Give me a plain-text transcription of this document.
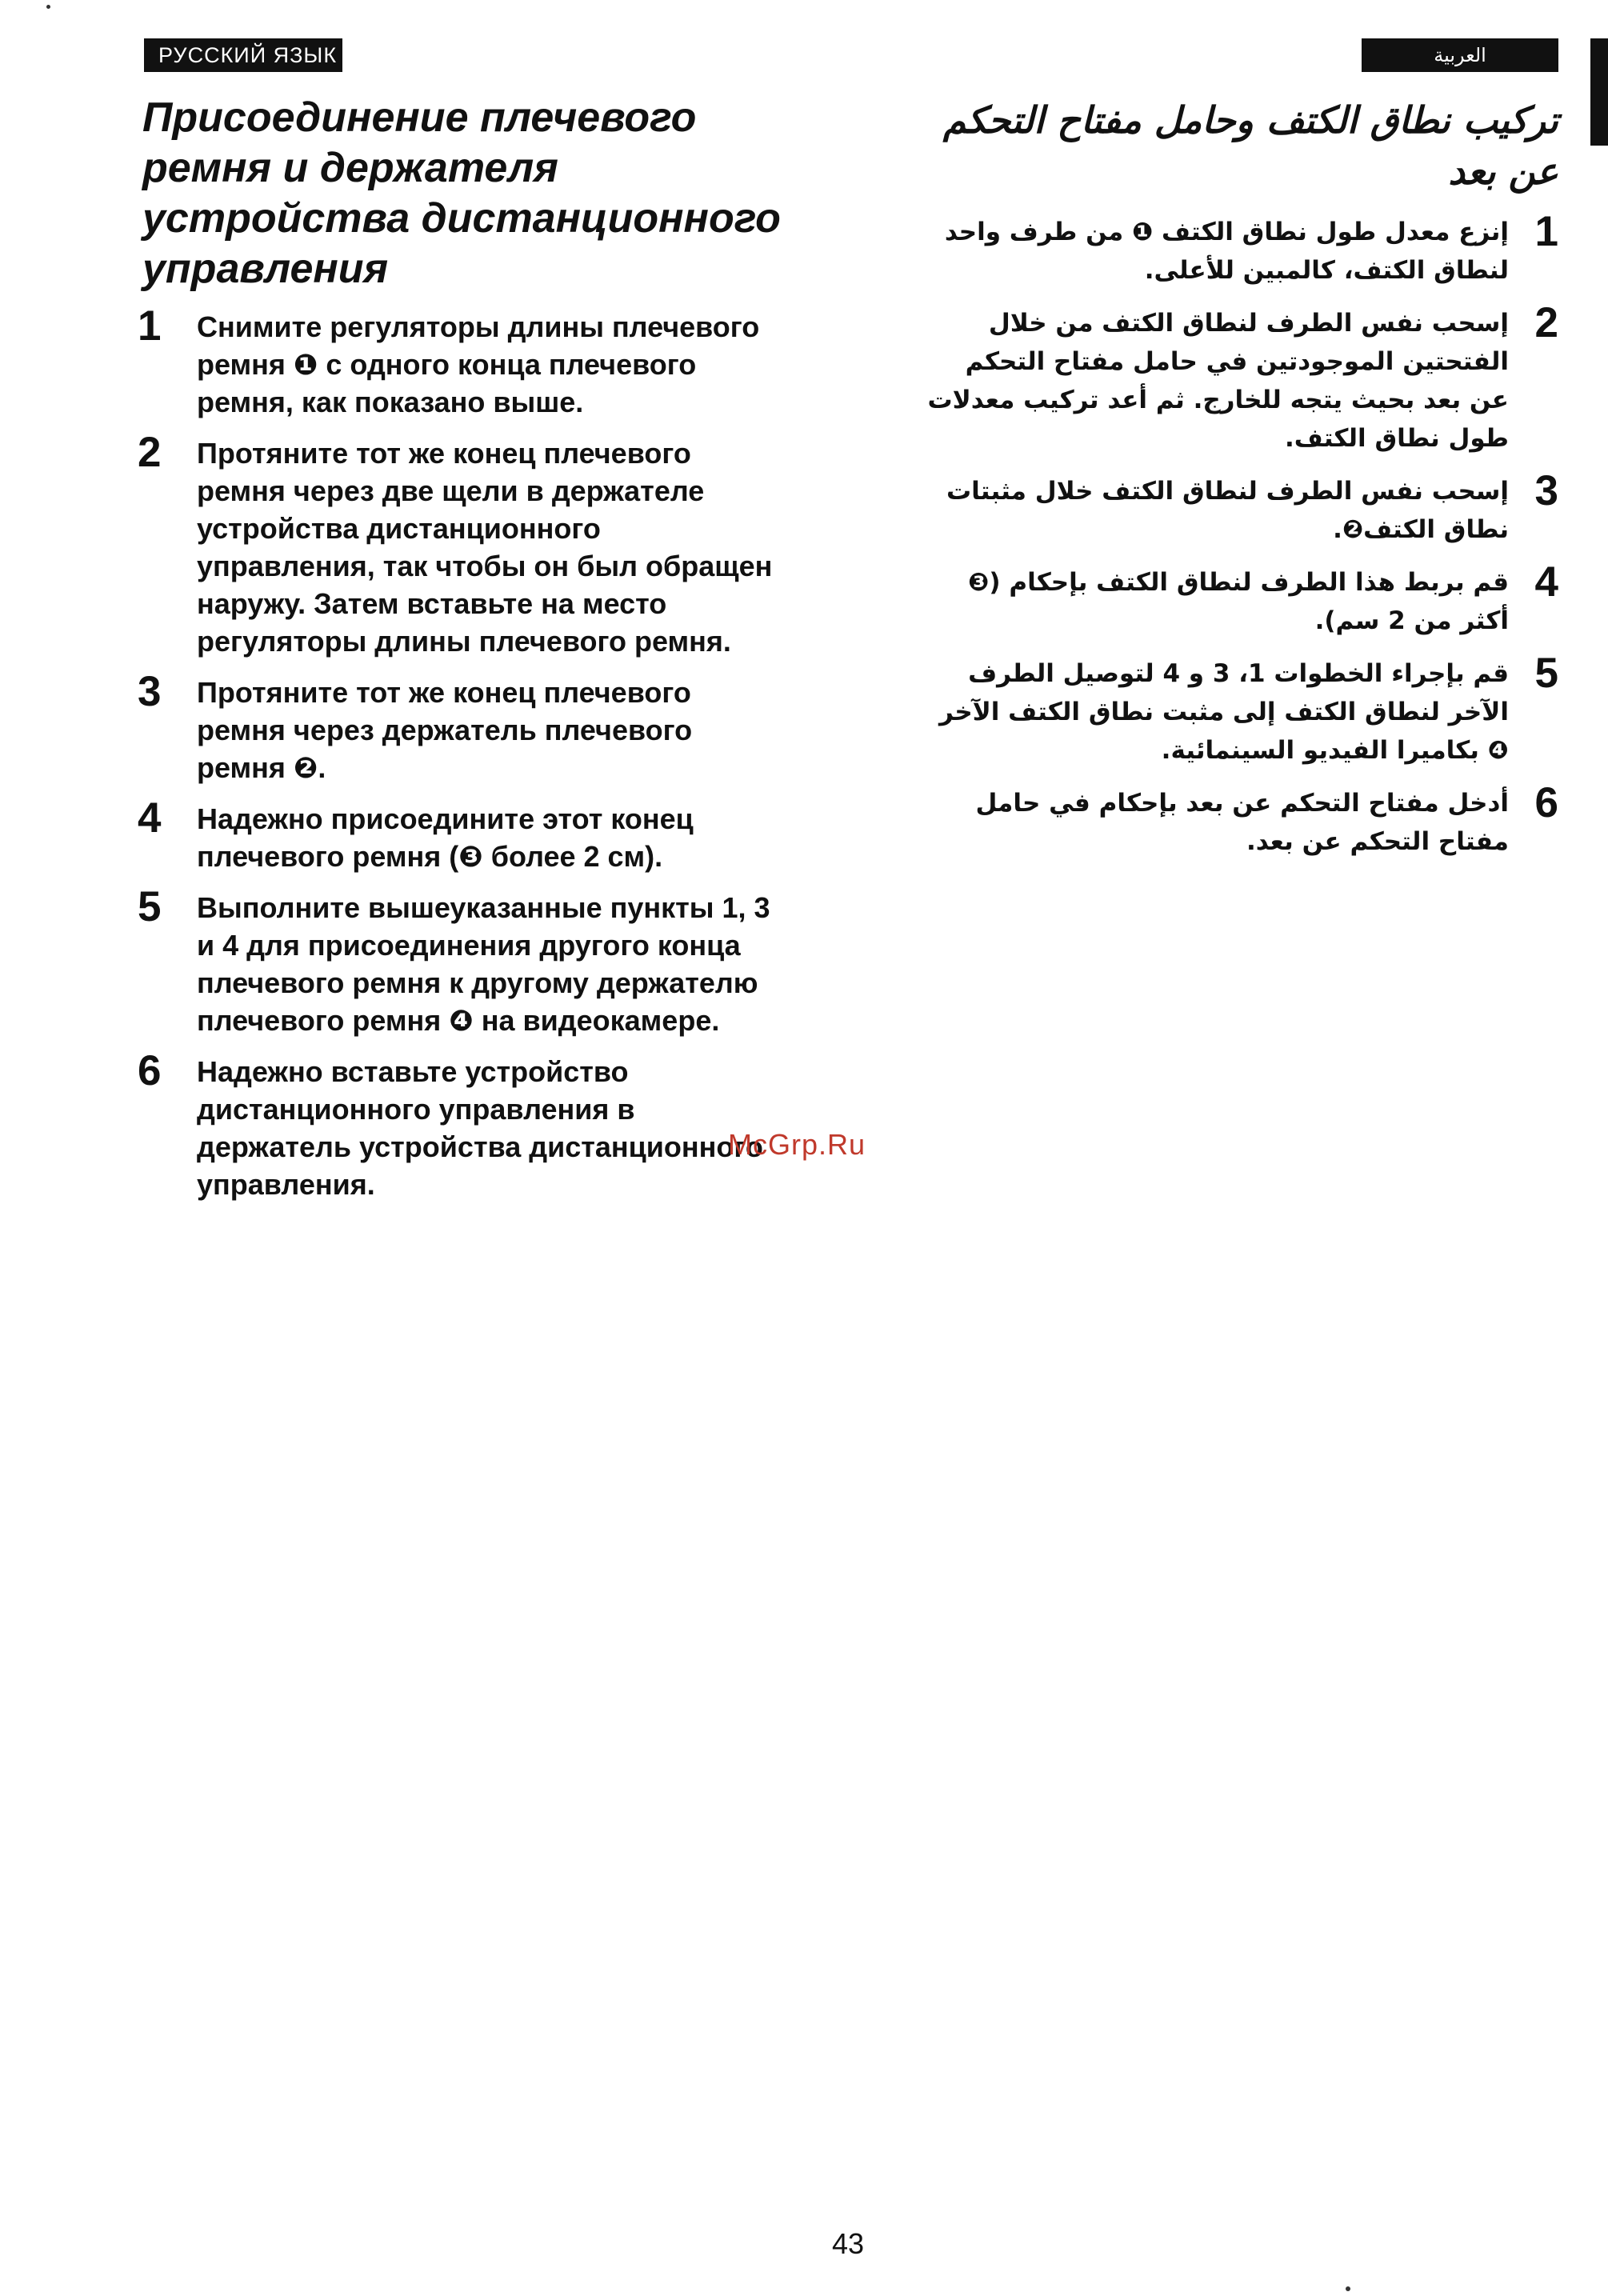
РУССКИЙ ЯЗЫК	العربية
Присоединение плечевого ремня и держателя устройства дистанционного управления
1 Снимите регуляторы длины плечевого ремня ❶ с одного конца плечевого ремня, как показано выше.
2 Протяните тот же конец плечевого ремня через две щели в держателе устройства дистанционного управления, так чтобы он был обращен наружу. Затем вставьте на место регуляторы длины плечевого ремня.
3 Протяните тот же конец плечевого ремня через держатель плечевого ремня ❷.
4 Надежно присоедините этот конец плечевого ремня (❸ более 2 см).
5 Выполните вышеуказанные пункты 1, 3 и 4 для присоединения другого конца плечевого ремня к другому держателю плечевого ремня ❹ на видеокамере.
6 Надежно вставьте устройство дистанционного управления в держатель устройства дистанционного управления.
تركيب نطاق الكتف وحامل مفتاح التحكم عن بعد
1
إنزع معدل طول نطاق الكتف ❶ من طرف واحد لنطاق الكتف، كالمبين للأعلى.
2
إسحب نفس الطرف لنطاق الكتف من خلال الفتحتين الموجودتين في حامل مفتاح التحكم عن بعد بحيث يتجه للخارج. ثم أعد تركيب معدلات طول نطاق الكتف.
3
إسحب نفس الطرف لنطاق الكتف خلال مثبتات نطاق الكتف❷.
4
قم بربط هذا الطرف لنطاق الكتف بإحكام (❸ أكثر من 2 سم).
5
قم بإجراء الخطوات 1، 3 و 4 لتوصيل الطرف الآخر لنطاق الكتف إلى مثبت نطاق الكتف الآخر ❹ بكاميرا الفيديو السينمائية.
6
أدخل مفتاح التحكم عن بعد بإحكام في حامل مفتاح التحكم عن بعد.
McGrp.Ru
43
